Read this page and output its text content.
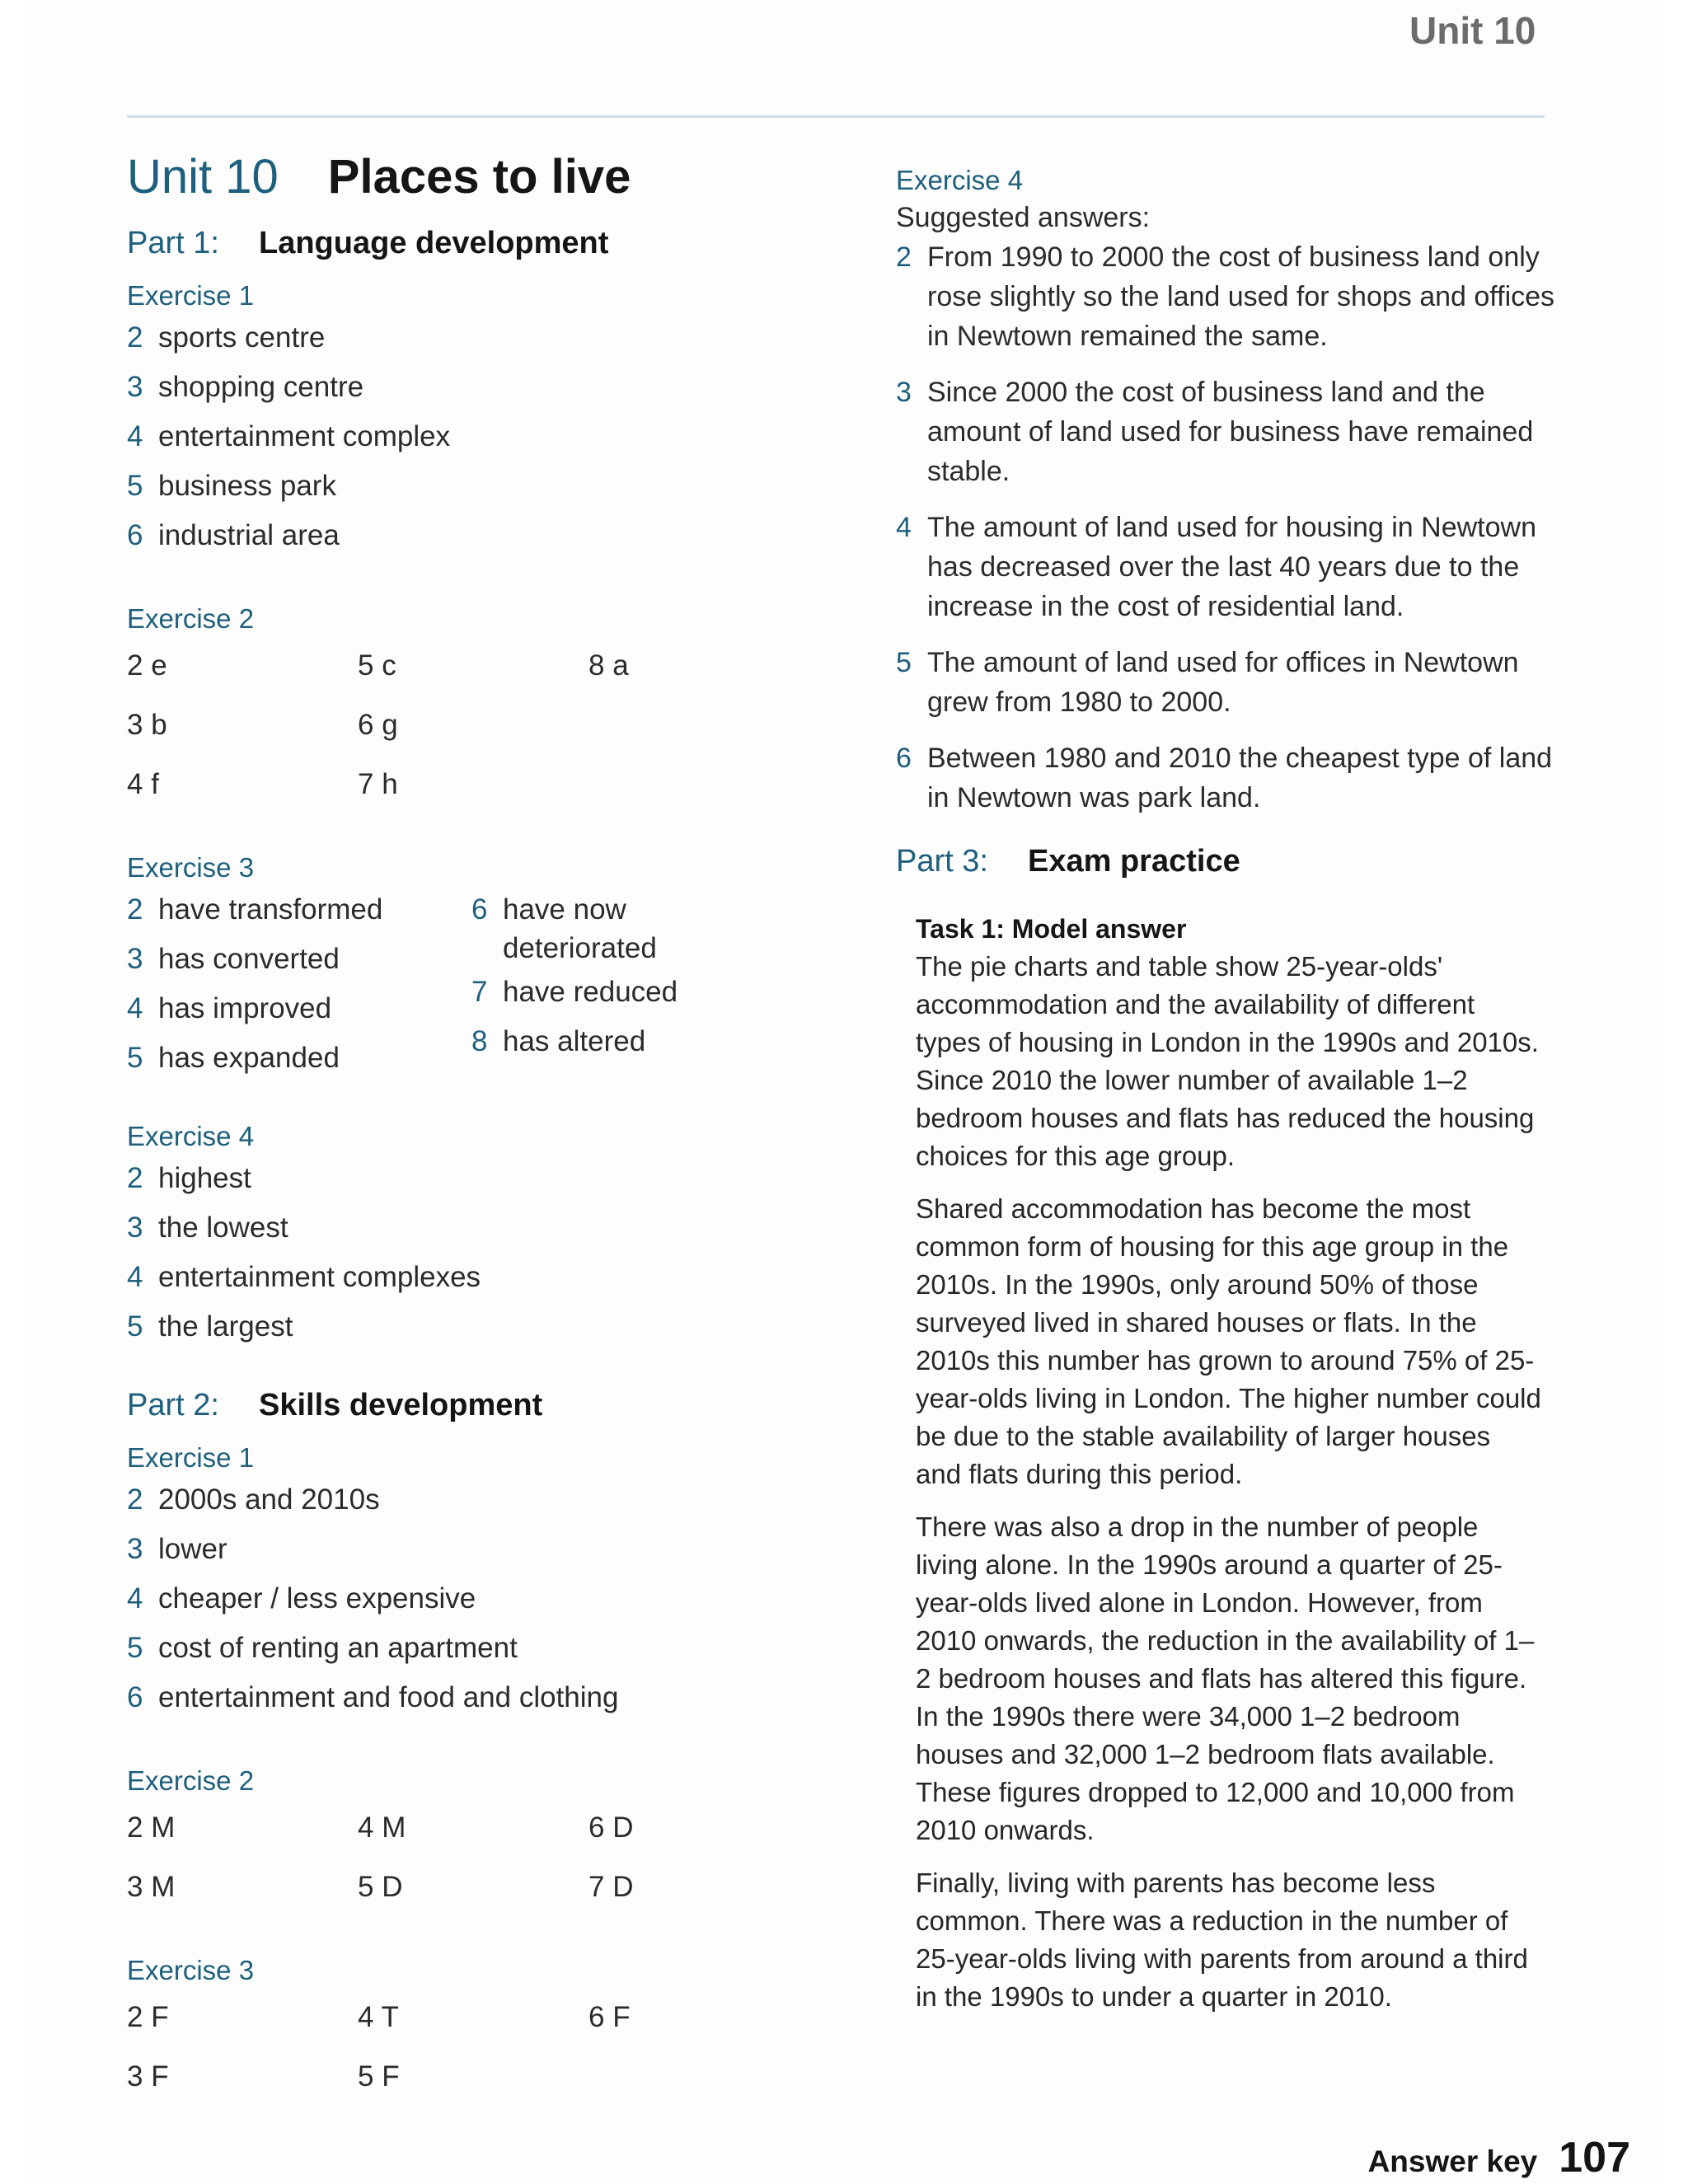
Unit 10
Unit 10 Places to live
Part 1: Language development
Exercise 1
2 sports centre
3 shopping centre
4 entertainment complex
5 business park
6 industrial area
Exercise 2
2 e	5 c	8 a
3 b	6 g
4 f	7 h
Exercise 3
2 have transformed
3 has converted
4 has improved
5 has expanded
6 have now deteriorated
7 have reduced
8 has altered
Exercise 4
2 highest
3 the lowest
4 entertainment complexes
5 the largest
Part 2: Skills development
Exercise 1
2 2000s and 2010s
3 lower
4 cheaper / less expensive
5 cost of renting an apartment
6 entertainment and food and clothing
Exercise 2
2 M	4 M	6 D
3 M	5 D	7 D
Exercise 3
2 F	4 T	6 F
3 F	5 F
Exercise 4
Suggested answers:
2 From 1990 to 2000 the cost of business land only rose slightly so the land used for shops and offices in Newtown remained the same.
3 Since 2000 the cost of business land and the amount of land used for business have remained stable.
4 The amount of land used for housing in Newtown has decreased over the last 40 years due to the increase in the cost of residential land.
5 The amount of land used for offices in Newtown grew from 1980 to 2000.
6 Between 1980 and 2010 the cheapest type of land in Newtown was park land.
Part 3: Exam practice
Task 1: Model answer

The pie charts and table show 25-year-olds' accommodation and the availability of different types of housing in London in the 1990s and 2010s. Since 2010 the lower number of available 1–2 bedroom houses and flats has reduced the housing choices for this age group.

Shared accommodation has become the most common form of housing for this age group in the 2010s. In the 1990s, only around 50% of those surveyed lived in shared houses or flats. In the 2010s this number has grown to around 75% of 25-year-olds living in London. The higher number could be due to the stable availability of larger houses and flats during this period.

There was also a drop in the number of people living alone. In the 1990s around a quarter of 25-year-olds lived alone in London. However, from 2010 onwards, the reduction in the availability of 1–2 bedroom houses and flats has altered this figure. In the 1990s there were 34,000 1–2 bedroom houses and 32,000 1–2 bedroom flats available. These figures dropped to 12,000 and 10,000 from 2010 onwards.

Finally, living with parents has become less common. There was a reduction in the number of 25-year-olds living with parents from around a third in the 1990s to under a quarter in 2010.

Answer key 107
